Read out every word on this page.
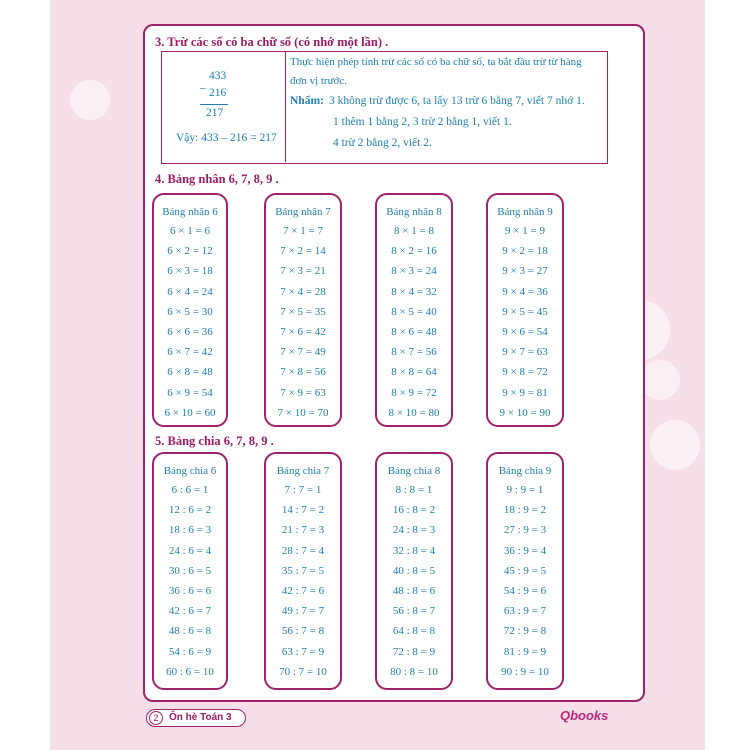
3. Trừ các số có ba chữ số (có nhớ một lần) .
433
– 216
217
Vậy: 433 – 216 = 217
Thực hiện phép tính trừ các số có ba chữ số, ta bắt đầu trừ từ hàng
đơn vị trước.
Nhẩm: 3 không trừ được 6, ta lấy 13 trừ 6 bằng 7, viết 7 nhớ 1.
1 thêm 1 bằng 2, 3 trừ 2 bằng 1, viết 1.
4 trừ 2 bằng 2, viết 2.
4. Bảng nhân 6, 7, 8, 9 .
Bảng nhân 6
6 × 1 = 6
6 × 2 = 12
6 × 3 = 18
6 × 4 = 24
6 × 5 = 30
6 × 6 = 36
6 × 7 = 42
6 × 8 = 48
6 × 9 = 54
6 × 10 = 60
Bảng nhân 7
7 × 1 = 7
7 × 2 = 14
7 × 3 = 21
7 × 4 = 28
7 × 5 = 35
7 × 6 = 42
7 × 7 = 49
7 × 8 = 56
7 × 9 = 63
7 × 10 = 70
Bảng nhân 8
8 × 1 = 8
8 × 2 = 16
8 × 3 = 24
8 × 4 = 32
8 × 5 = 40
8 × 6 = 48
8 × 7 = 56
8 × 8 = 64
8 × 9 = 72
8 × 10 = 80
Bảng nhân 9
9 × 1 = 9
9 × 2 = 18
9 × 3 = 27
9 × 4 = 36
9 × 5 = 45
9 × 6 = 54
9 × 7 = 63
9 × 8 = 72
9 × 9 = 81
9 × 10 = 90
5. Bảng chia 6, 7, 8, 9 .
Bảng chia 6
6 : 6 = 1
12 : 6 = 2
18 : 6 = 3
24 : 6 = 4
30 : 6 = 5
36 : 6 = 6
42 : 6 = 7
48 : 6 = 8
54 : 6 = 9
60 : 6 = 10
Bảng chia 7
7 : 7 = 1
14 : 7 = 2
21 : 7 = 3
28 : 7 = 4
35 : 7 = 5
42 : 7 = 6
49 : 7 = 7
56 : 7 = 8
63 : 7 = 9
70 : 7 = 10
Bảng chia 8
8 : 8 = 1
16 : 8 = 2
24 : 8 = 3
32 : 8 = 4
40 : 8 = 5
48 : 8 = 6
56 : 8 = 7
64 : 8 = 8
72 : 8 = 9
80 : 8 = 10
Bảng chia 9
9 : 9 = 1
18 : 9 = 2
27 : 9 = 3
36 : 9 = 4
45 : 9 = 5
54 : 9 = 6
63 : 9 = 7
72 : 9 = 8
81 : 9 = 9
90 : 9 = 10
2	Ôn hè Toán 3	Qbooks
